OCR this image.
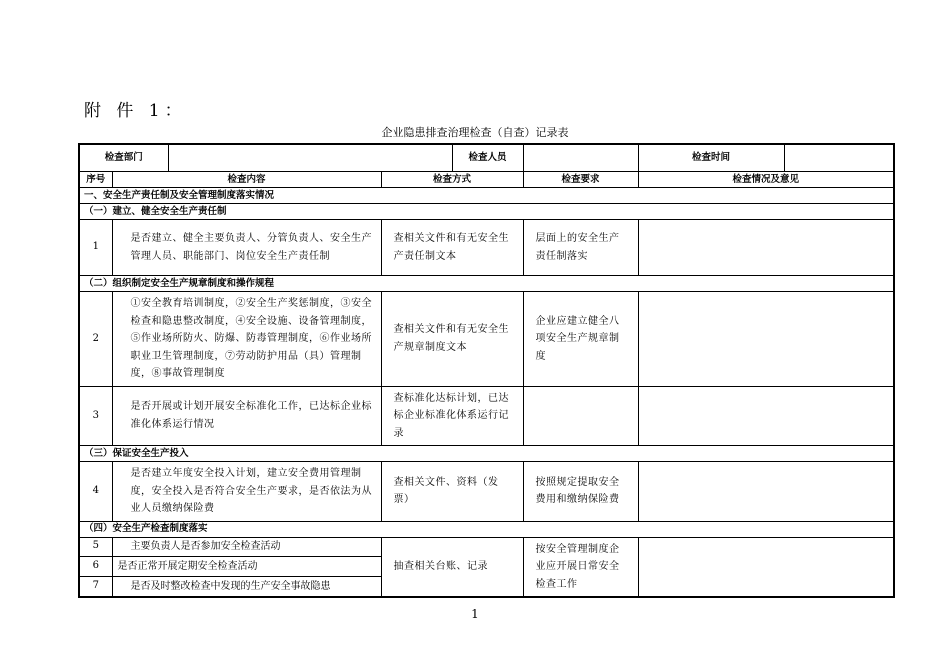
附 件 1：
企业隐患排查治理检查（自查）记录表
检查部门				检查人员		检查时间	
序号	检查内容		检查方式		检查要求	检查情况及意见	
一、安全生产责任制及安全管理制度落实情况							
（一）建立、健全安全生产责任制							
1	是否建立、健全主要负责人、分管负责人、安全生产管理人员、职能部门、岗位安全生产责任制		查相关文件和有无安全生产责任制文本		层面上的安全生产责任制落实		
（二）组织制定安全生产规章制度和操作规程							
2	①安全教育培训制度，②安全生产奖惩制度，③安全检查和隐患整改制度，④安全设施、设备管理制度，⑤作业场所防火、防爆、防毒管理制度，⑥作业场所职业卫生管理制度，⑦劳动防护用品（具）管理制度，⑧事故管理制度		查相关文件和有无安全生产规章制度文本		企业应建立健全八项安全生产规章制度		
3	是否开展或计划开展安全标准化工作，已达标企业标准化体系运行情况		查标准化达标计划，已达标企业标准化体系运行记录				
（三）保证安全生产投入							
4	是否建立年度安全投入计划，建立安全费用管理制度，安全投入是否符合安全生产要求，是否依法为从业人员缴纳保险费		查相关文件、资料（发票）		按照规定提取安全费用和缴纳保险费		
（四）安全生产检查制度落实							
5	主要负责人是否参加安全检查活动		抽查相关台账、记录		按安全管理制度企业应开展日常安全检查工作		
6	是否正常开展定期安全检查活动						
7	是否及时整改检查中发现的生产安全事故隐患						
1
